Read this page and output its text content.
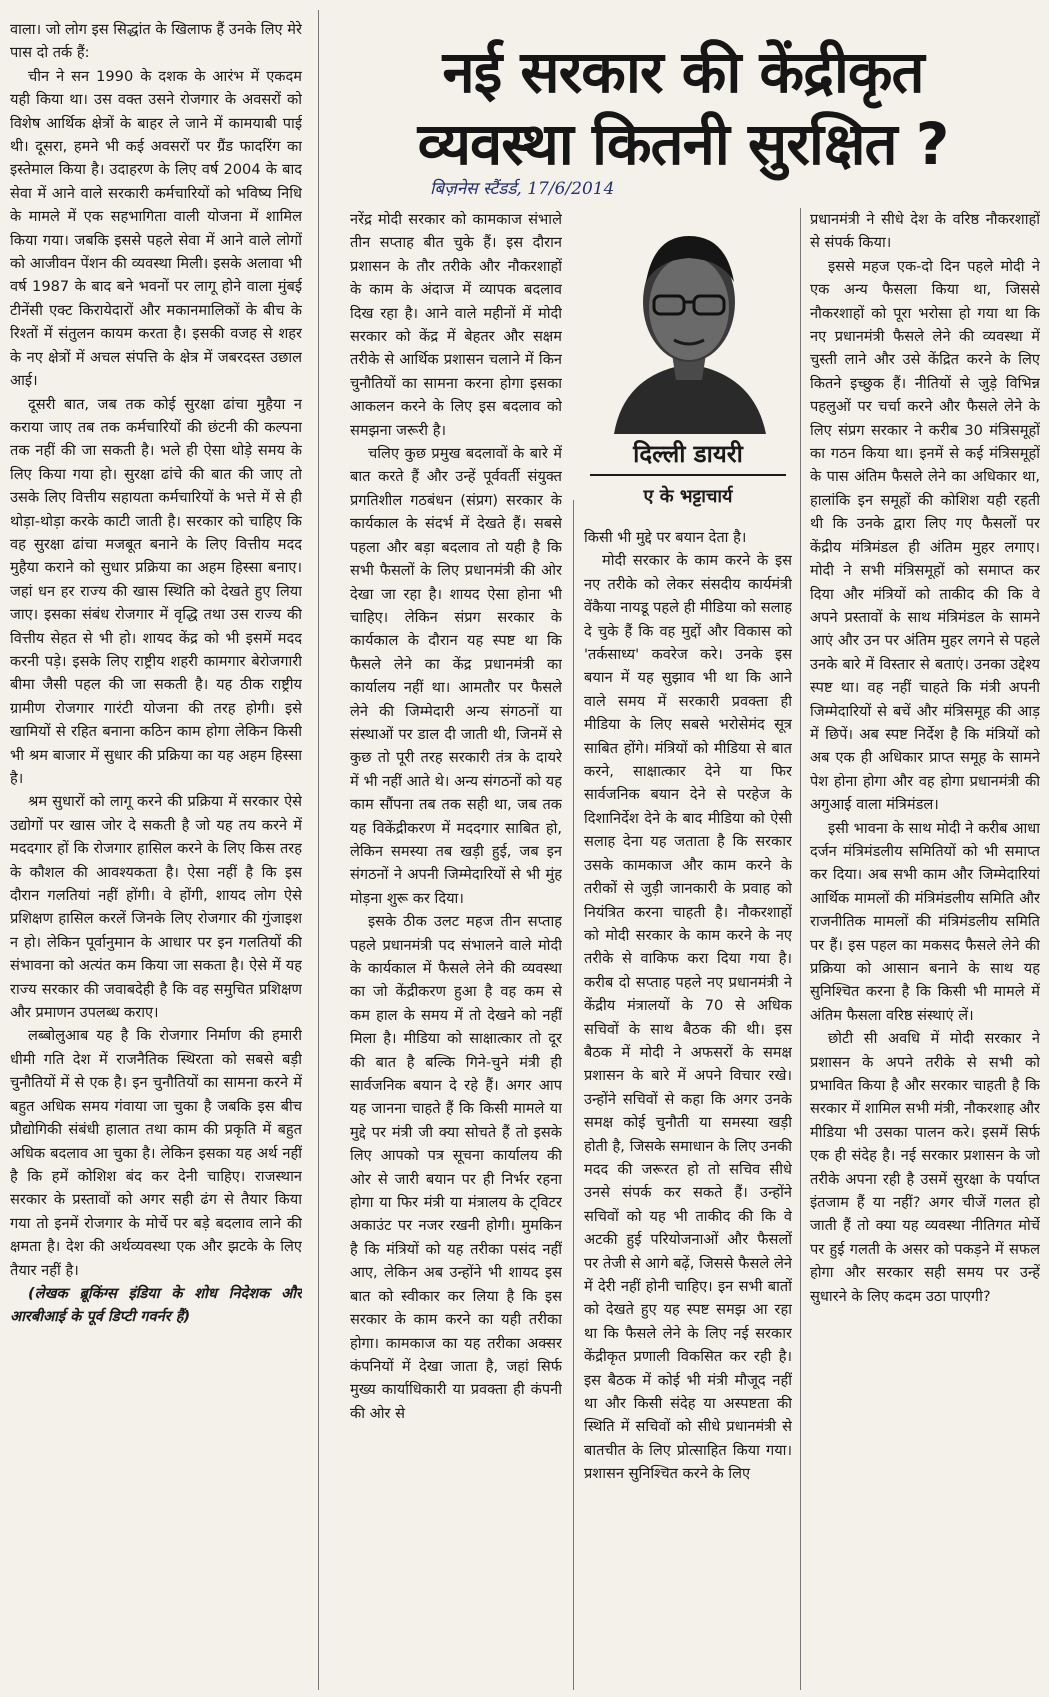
वाला। जो लोग इस सिद्धांत के खिलाफ हैं उनके लिए मेरे पास दो तर्क हैं:

चीन ने सन 1990 के दशक के आरंभ में एकदम यही किया था। उस वक्त उसने रोजगार के अवसरों को विशेष आर्थिक क्षेत्रों के बाहर ले जाने में कामयाबी पाई थी। दूसरा, हमने भी कई अवसरों पर ग्रैंड फादरिंग का इस्तेमाल किया है। उदाहरण के लिए वर्ष 2004 के बाद सेवा में आने वाले सरकारी कर्मचारियों को भविष्य निधि के मामले में एक सहभागिता वाली योजना में शामिल किया गया। जबकि इससे पहले सेवा में आने वाले लोगों को आजीवन पेंशन की व्यवस्था मिली। इसके अलावा भी वर्ष 1987 के बाद बने भवनों पर लागू होने वाला मुंबई टीनेंसी एक्ट किरायेदारों और मकानमालिकों के बीच के रिश्तों में संतुलन कायम करता है। इसकी वजह से शहर के नए क्षेत्रों में अचल संपत्ति के क्षेत्र में जबरदस्त उछाल आई।

दूसरी बात, जब तक कोई सुरक्षा ढांचा मुहैया न कराया जाए तब तक कर्मचारियों की छंटनी की कल्पना तक नहीं की जा सकती है। भले ही ऐसा थोड़े समय के लिए किया गया हो। सुरक्षा ढांचे की बात की जाए तो उसके लिए वित्तीय सहायता कर्मचारियों के भत्ते में से ही थोड़ा-थोड़ा करके काटी जाती है। सरकार को चाहिए कि वह सुरक्षा ढांचा मजबूत बनाने के लिए वित्तीय मदद मुहैया कराने को सुधार प्रक्रिया का अहम हिस्सा बनाए। जहां धन हर राज्य की खास स्थिति को देखते हुए लिया जाए। इसका संबंध रोजगार में वृद्धि तथा उस राज्य की वित्तीय सेहत से भी हो। शायद केंद्र को भी इसमें मदद करनी पड़े। इसके लिए राष्ट्रीय शहरी कामगार बेरोजगारी बीमा जैसी पहल की जा सकती है। यह ठीक राष्ट्रीय ग्रामीण रोजगार गारंटी योजना की तरह होगी। इसे खामियों से रहित बनाना कठिन काम होगा लेकिन किसी भी श्रम बाजार में सुधार की प्रक्रिया का यह अहम हिस्सा है।

श्रम सुधारों को लागू करने की प्रक्रिया में सरकार ऐसे उद्योगों पर खास जोर दे सकती है जो यह तय करने में मददगार हों कि रोजगार हासिल करने के लिए किस तरह के कौशल की आवश्यकता है। ऐसा नहीं है कि इस दौरान गलतियां नहीं होंगी। वे होंगी, शायद लोग ऐसे प्रशिक्षण हासिल करलें जिनके लिए रोजगार की गुंजाइश न हो। लेकिन पूर्वानुमान के आधार पर इन गलतियों की संभावना को अत्यंत कम किया जा सकता है। ऐसे में यह राज्य सरकार की जवाबदेही है कि वह समुचित प्रशिक्षण और प्रमाणन उपलब्ध कराए।

लब्बोलुआब यह है कि रोजगार निर्माण की हमारी धीमी गति देश में राजनैतिक स्थिरता को सबसे बड़ी चुनौतियों में से एक है। इन चुनौतियों का सामना करने में बहुत अधिक समय गंवाया जा चुका है जबकि इस बीच प्रौद्योगिकी संबंधी हालात तथा काम की प्रकृति में बहुत अधिक बदलाव आ चुका है। लेकिन इसका यह अर्थ नहीं है कि हमें कोशिश बंद कर देनी चाहिए। राजस्थान सरकार के प्रस्तावों को अगर सही ढंग से तैयार किया गया तो इनमें रोजगार के मोर्चे पर बड़े बदलाव लाने की क्षमता है। देश की अर्थव्यवस्था एक और झटके के लिए तैयार नहीं है।

(लेखक ब्रूकिंग्स इंडिया के शोध निदेशक और आरबीआई के पूर्व डिप्टी गवर्नर हैं)

नई सरकार की केंद्रीकृत
व्यवस्था कितनी सुरक्षित ?
बिज़नेस स्टैंडर्ड, 17/6/2014
दिल्ली डायरी
ए के भट्टाचार्य

नरेंद्र मोदी सरकार को कामकाज संभाले तीन सप्ताह बीत चुके हैं। इस दौरान प्रशासन के तौर तरीके और नौकरशाहों के काम के अंदाज में व्यापक बदलाव दिख रहा है। आने वाले महीनों में मोदी सरकार को केंद्र में बेहतर और सक्षम तरीके से आर्थिक प्रशासन चलाने में किन चुनौतियों का सामना करना होगा इसका आकलन करने के लिए इस बदलाव को समझना जरूरी है।

चलिए कुछ प्रमुख बदलावों के बारे में बात करते हैं और उन्हें पूर्ववर्ती संयुक्त प्रगतिशील गठबंधन (संप्रग) सरकार के कार्यकाल के संदर्भ में देखते हैं। सबसे पहला और बड़ा बदलाव तो यही है कि सभी फैसलों के लिए प्रधानमंत्री की ओर देखा जा रहा है। शायद ऐसा होना भी चाहिए। लेकिन संप्रग सरकार के कार्यकाल के दौरान यह स्पष्ट था कि फैसले लेने का केंद्र प्रधानमंत्री का कार्यालय नहीं था। आमतौर पर फैसले लेने की जिम्मेदारी अन्य संगठनों या संस्थाओं पर डाल दी जाती थी, जिनमें से कुछ तो पूरी तरह सरकारी तंत्र के दायरे में भी नहीं आते थे। अन्य संगठनों को यह काम सौंपना तब तक सही था, जब तक यह विकेंद्रीकरण में मददगार साबित हो, लेकिन समस्या तब खड़ी हुई, जब इन संगठनों ने अपनी जिम्मेदारियों से भी मुंह मोड़ना शुरू कर दिया।

इसके ठीक उलट महज तीन सप्ताह पहले प्रधानमंत्री पद संभालने वाले मोदी के कार्यकाल में फैसले लेने की व्यवस्था का जो केंद्रीकरण हुआ है वह कम से कम हाल के समय में तो देखने को नहीं मिला है। मीडिया को साक्षात्कार तो दूर की बात है बल्कि गिने-चुने मंत्री ही सार्वजनिक बयान दे रहे हैं। अगर आप यह जानना चाहते हैं कि किसी मामले या मुद्दे पर मंत्री जी क्या सोचते हैं तो इसके लिए आपको पत्र सूचना कार्यालय की ओर से जारी बयान पर ही निर्भर रहना होगा या फिर मंत्री या मंत्रालय के ट्विटर अकाउंट पर नजर रखनी होगी। मुमकिन है कि मंत्रियों को यह तरीका पसंद नहीं आए, लेकिन अब उन्होंने भी शायद इस बात को स्वीकार कर लिया है कि इस सरकार के काम करने का यही तरीका होगा। कामकाज का यह तरीका अक्सर कंपनियों में देखा जाता है, जहां सिर्फ मुख्य कार्याधिकारी या प्रवक्ता ही कंपनी की ओर से

किसी भी मुद्दे पर बयान देता है।

मोदी सरकार के काम करने के इस नए तरीके को लेकर संसदीय कार्यमंत्री वेंकैया नायडू पहले ही मीडिया को सलाह दे चुके हैं कि वह मुद्दों और विकास को 'तर्कसाध्य' कवरेज करे। उनके इस बयान में यह सुझाव भी था कि आने वाले समय में सरकारी प्रवक्ता ही मीडिया के लिए सबसे भरोसेमंद सूत्र साबित होंगे। मंत्रियों को मीडिया से बात करने, साक्षात्कार देने या फिर सार्वजनिक बयान देने से परहेज के दिशानिर्देश देने के बाद मीडिया को ऐसी सलाह देना यह जताता है कि सरकार उसके कामकाज और काम करने के तरीकों से जुड़ी जानकारी के प्रवाह को नियंत्रित करना चाहती है। नौकरशाहों को मोदी सरकार के काम करने के नए तरीके से वाकिफ करा दिया गया है। करीब दो सप्ताह पहले नए प्रधानमंत्री ने केंद्रीय मंत्रालयों के 70 से अधिक सचिवों के साथ बैठक की थी। इस बैठक में मोदी ने अफसरों के समक्ष प्रशासन के बारे में अपने विचार रखे। उन्होंने सचिवों से कहा कि अगर उनके समक्ष कोई चुनौती या समस्या खड़ी होती है, जिसके समाधान के लिए उनकी मदद की जरूरत हो तो सचिव सीधे उनसे संपर्क कर सकते हैं। उन्होंने सचिवों को यह भी ताकीद की कि वे अटकी हुई परियोजनाओं और फैसलों पर तेजी से आगे बढ़ें, जिससे फैसले लेने में देरी नहीं होनी चाहिए। इन सभी बातों को देखते हुए यह स्पष्ट समझ आ रहा था कि फैसले लेने के लिए नई सरकार केंद्रीकृत प्रणाली विकसित कर रही है। इस बैठक में कोई भी मंत्री मौजूद नहीं था और किसी संदेह या अस्पष्टता की स्थिति में सचिवों को सीधे प्रधानमंत्री से बातचीत के लिए प्रोत्साहित किया गया। प्रशासन सुनिश्चित करने के लिए

प्रधानमंत्री ने सीधे देश के वरिष्ठ नौकरशाहों से संपर्क किया।

इससे महज एक-दो दिन पहले मोदी ने एक अन्य फैसला किया था, जिससे नौकरशाहों को पूरा भरोसा हो गया था कि नए प्रधानमंत्री फैसले लेने की व्यवस्था में चुस्ती लाने और उसे केंद्रित करने के लिए कितने इच्छुक हैं। नीतियों से जुड़े विभिन्न पहलुओं पर चर्चा करने और फैसले लेने के लिए संप्रग सरकार ने करीब 30 मंत्रिसमूहों का गठन किया था। इनमें से कई मंत्रिसमूहों के पास अंतिम फैसले लेने का अधिकार था, हालांकि इन समूहों की कोशिश यही रहती थी कि उनके द्वारा लिए गए फैसलों पर केंद्रीय मंत्रिमंडल ही अंतिम मुहर लगाए। मोदी ने सभी मंत्रिसमूहों को समाप्त कर दिया और मंत्रियों को ताकीद की कि वे अपने प्रस्तावों के साथ मंत्रिमंडल के सामने आएं और उन पर अंतिम मुहर लगने से पहले उनके बारे में विस्तार से बताएं। उनका उद्देश्य स्पष्ट था। वह नहीं चाहते कि मंत्री अपनी जिम्मेदारियों से बचें और मंत्रिसमूह की आड़ में छिपें। अब स्पष्ट निर्देश है कि मंत्रियों को अब एक ही अधिकार प्राप्त समूह के सामने पेश होना होगा और वह होगा प्रधानमंत्री की अगुआई वाला मंत्रिमंडल।

इसी भावना के साथ मोदी ने करीब आधा दर्जन मंत्रिमंडलीय समितियों को भी समाप्त कर दिया। अब सभी काम और जिम्मेदारियां आर्थिक मामलों की मंत्रिमंडलीय समिति और राजनीतिक मामलों की मंत्रिमंडलीय समिति पर हैं। इस पहल का मकसद फैसले लेने की प्रक्रिया को आसान बनाने के साथ यह सुनिश्चित करना है कि किसी भी मामले में अंतिम फैसला वरिष्ठ संस्थाएं लें।

छोटी सी अवधि में मोदी सरकार ने प्रशासन के अपने तरीके से सभी को प्रभावित किया है और सरकार चाहती है कि सरकार में शामिल सभी मंत्री, नौकरशाह और मीडिया भी उसका पालन करे। इसमें सिर्फ एक ही संदेह है। नई सरकार प्रशासन के जो तरीके अपना रही है उसमें सुरक्षा के पर्याप्त इंतजाम हैं या नहीं? अगर चीजें गलत हो जाती हैं तो क्या यह व्यवस्था नीतिगत मोर्चे पर हुई गलती के असर को पकड़ने में सफल होगा और सरकार सही समय पर उन्हें सुधारने के लिए कदम उठा पाएगी?
